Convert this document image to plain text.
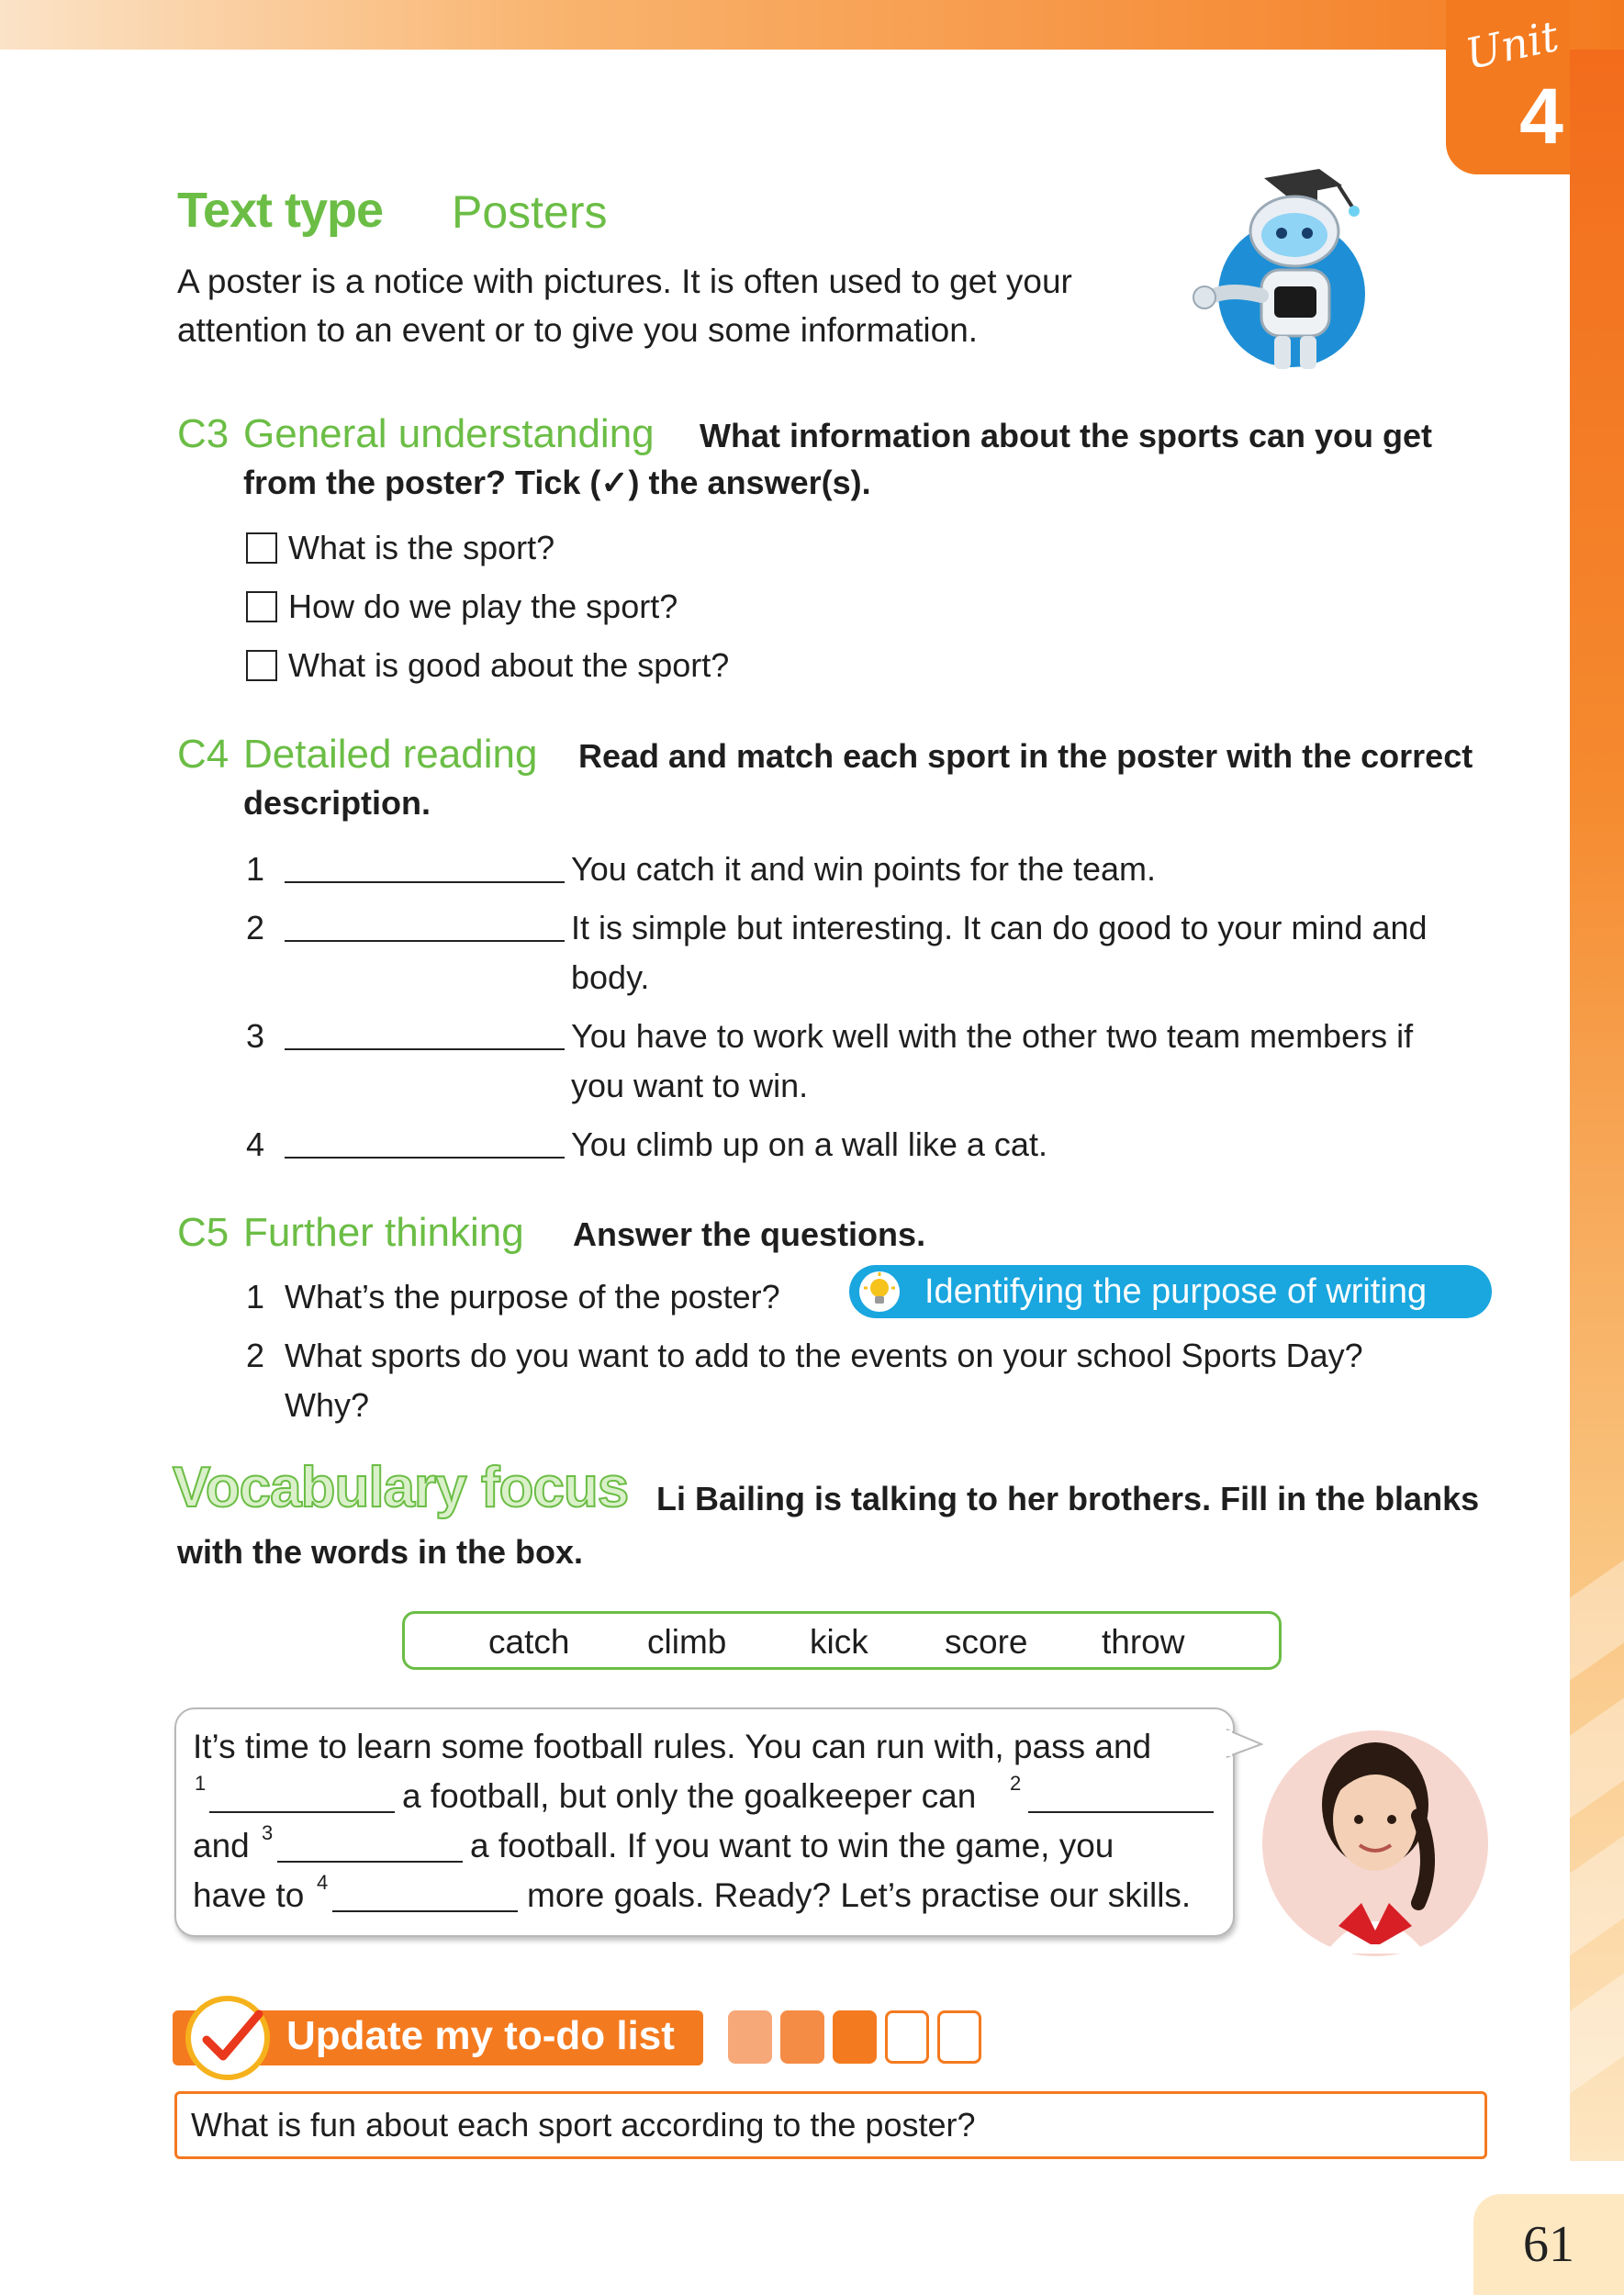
Unit
4
Text type Posters
A poster is a notice with pictures. It is often used to get your
attention to an event or to give you some information.
C3 General understanding What information about the sports can you get
from the poster? Tick (✓) the answer(s).
What is the sport?
How do we play the sport?
What is good about the sport?
C4 Detailed reading Read and match each sport in the poster with the correct
description.
1	You catch it and win points for the team.
2	It is simple but interesting. It can do good to your mind and
body.
3	You have to work well with the other two team members if
you want to win.
4	You climb up on a wall like a cat.
C5 Further thinking Answer the questions.
1 What’s the purpose of the poster?	Identifying the purpose of writing
2 What sports do you want to add to the events on your school Sports Day?
Why?
Vocabulary focus Li Bailing is talking to her brothers. Fill in the blanks
with the words in the box.
catch climb kick score throw
It’s time to learn some football rules. You can run with, pass and
1	a football, but only the goalkeeper can 2
and 3	a football. If you want to win the game, you
have to 4	more goals. Ready? Let’s practise our skills.
Update my to-do list
What is fun about each sport according to the poster?
61
